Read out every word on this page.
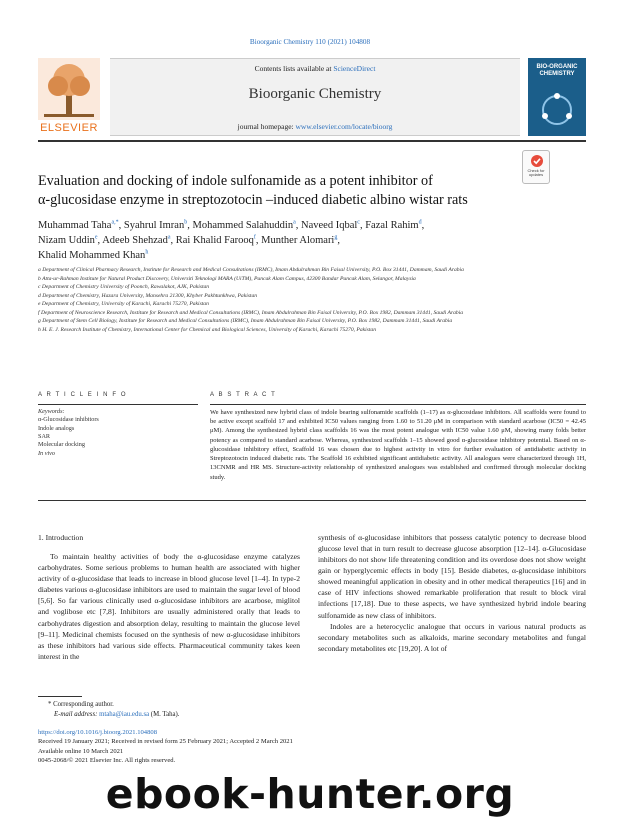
Bioorganic Chemistry 110 (2021) 104808
Contents lists available at ScienceDirect
Bioorganic Chemistry
journal homepage: www.elsevier.com/locate/bioorg
ELSEVIER
BIO-ORGANIC CHEMISTRY
Check for updates
Evaluation and docking of indole sulfonamide as a potent inhibitor of
α-glucosidase enzyme in streptozotocin –induced diabetic albino wistar rats
Muhammad Taha$^{a,*}$, Syahrul Imran$^b$, Mohammed Salahuddin$^a$, Naveed Iqbal$^c$, Fazal Rahim$^d$,
Nizam Uddin$^e$, Adeeb Shehzad$^a$, Rai Khalid Farooq$^f$, Munther Alomari$^g$,
Khalid Mohammed Khan$^h$
a Department of Clinical Pharmacy Research, Institute for Research and Medical Consultations (IRMC), Imam Abdulrahman Bin Faisal University, P.O. Box 31441, Dammam, Saudi Arabia
b Atta-ur-Rahman Institute for Natural Product Discovery, Universiti Teknologi MARA (UiTM), Puncak Alam Campus, 42300 Bandar Puncak Alam, Selangor, Malaysia
c Department of Chemistry University of Poonch, Rawalakot, AJK, Pakistan
d Department of Chemistry, Hazara University, Mansehra 21300, Khyber Pakhtunkhwa, Pakistan
e Department of Chemistry, University of Karachi, Karachi 75270, Pakistan
f Department of Neuroscience Research, Institute for Research and Medical Consultations (IRMC), Imam Abdulrahman Bin Faisal University, P.O. Box 1982, Dammam 31441, Saudi Arabia
g Department of Stem Cell Biology, Institute for Research and Medical Consultations (IRMC), Imam Abdulrahman Bin Faisal University, P.O. Box 1982, Dammam 31441, Saudi Arabia
h H. E. J. Research Institute of Chemistry, International Center for Chemical and Biological Sciences, University of Karachi, Karachi 75270, Pakistan
A R T I C L E I N F O	A B S T R A C T
Keywords:
α-Glucosidase inhibitors
Indole analogs
SAR
Molecular docking
In vivo
We have synthesized new hybrid class of indole bearing sulfonamide scaffolds (1–17) as α-glucosidase inhibitors. All scaffolds were found to be active except scaffold 17 and exhibited IC50 values ranging from 1.60 to 51.20 μM in comparison with standard acarbose (IC50 = 42.45 μM). Among the synthesized hybrid class scaffolds 16 was the most potent analogue with IC50 value 1.60 μM, showing many folds better potency as compared to standard acarbose. Whereas, synthesized scaffolds 1–15 showed good α-glucosidase inhibitory potential. Based on α-glucosidase inhibitory effect, Scaffold 16 was chosen due to highest activity in vitro for further evaluation of antidiabetic activity in Streptozotocin induced diabetic rats. The Scaffold 16 exhibited significant antidiabetic activity. All analogues were characterized through 1H, 13CNMR and HR MS. Structure-activity relationship of synthesized analogues was established and confirmed through molecular docking study.
1. Introduction

To maintain healthy activities of body the α-glucosidase enzyme catalyzes carbohydrates. Some serious problems to human health are associated with higher activity of α-glucosidase that leads to increase in blood glucose level [1–4]. In type-2 diabetes various α-glucosidase inhibitors are used to maintain the sugar level of blood [5,6]. So far various clinically used α-glucosidase inhibitors are acarbose, miglitol and voglibose etc [7,8]. Inhibitors are usually administered orally that leads to carbohydrates digestion and absorption delay, resulting to maintain the glucose level [9–11]. Medicinal chemists focused on the synthesis of new α-glucosidase inhibitors as these inhibitors had various side effects. Pharmaceutical community takes keen interest in the

synthesis of α-glucosidase inhibitors that possess catalytic potency to decrease blood glucose level that in turn result to decrease glucose absorption [12–14]. α-Glucosidase inhibitors do not show life threatening condition and its overdose does not show weight gain or hyperglycemic effects in body [15]. Beside diabetes, α-glucosidase inhibitors showed meaningful application in obesity and in other medical therapeutics [16] and in case of HIV infections showed remarkable proliferation that result to block viral infections [17,18]. Due to these aspects, we have synthesized hybrid indole bearing sulfonamide as new class of inhibitors.

Indoles are a heterocyclic analogue that occurs in various natural products as secondary metabolites such as alkaloids, marine secondary metabolites and fungal secondary metabolites etc [19,20]. A lot of

* Corresponding author.
E-mail address: mtaha@iau.edu.sa (M. Taha).
https://doi.org/10.1016/j.bioorg.2021.104808
Received 19 January 2021; Received in revised form 25 February 2021; Accepted 2 March 2021
Available online 10 March 2021
0045-2068/© 2021 Elsevier Inc. All rights reserved.
ebook-hunter.org
